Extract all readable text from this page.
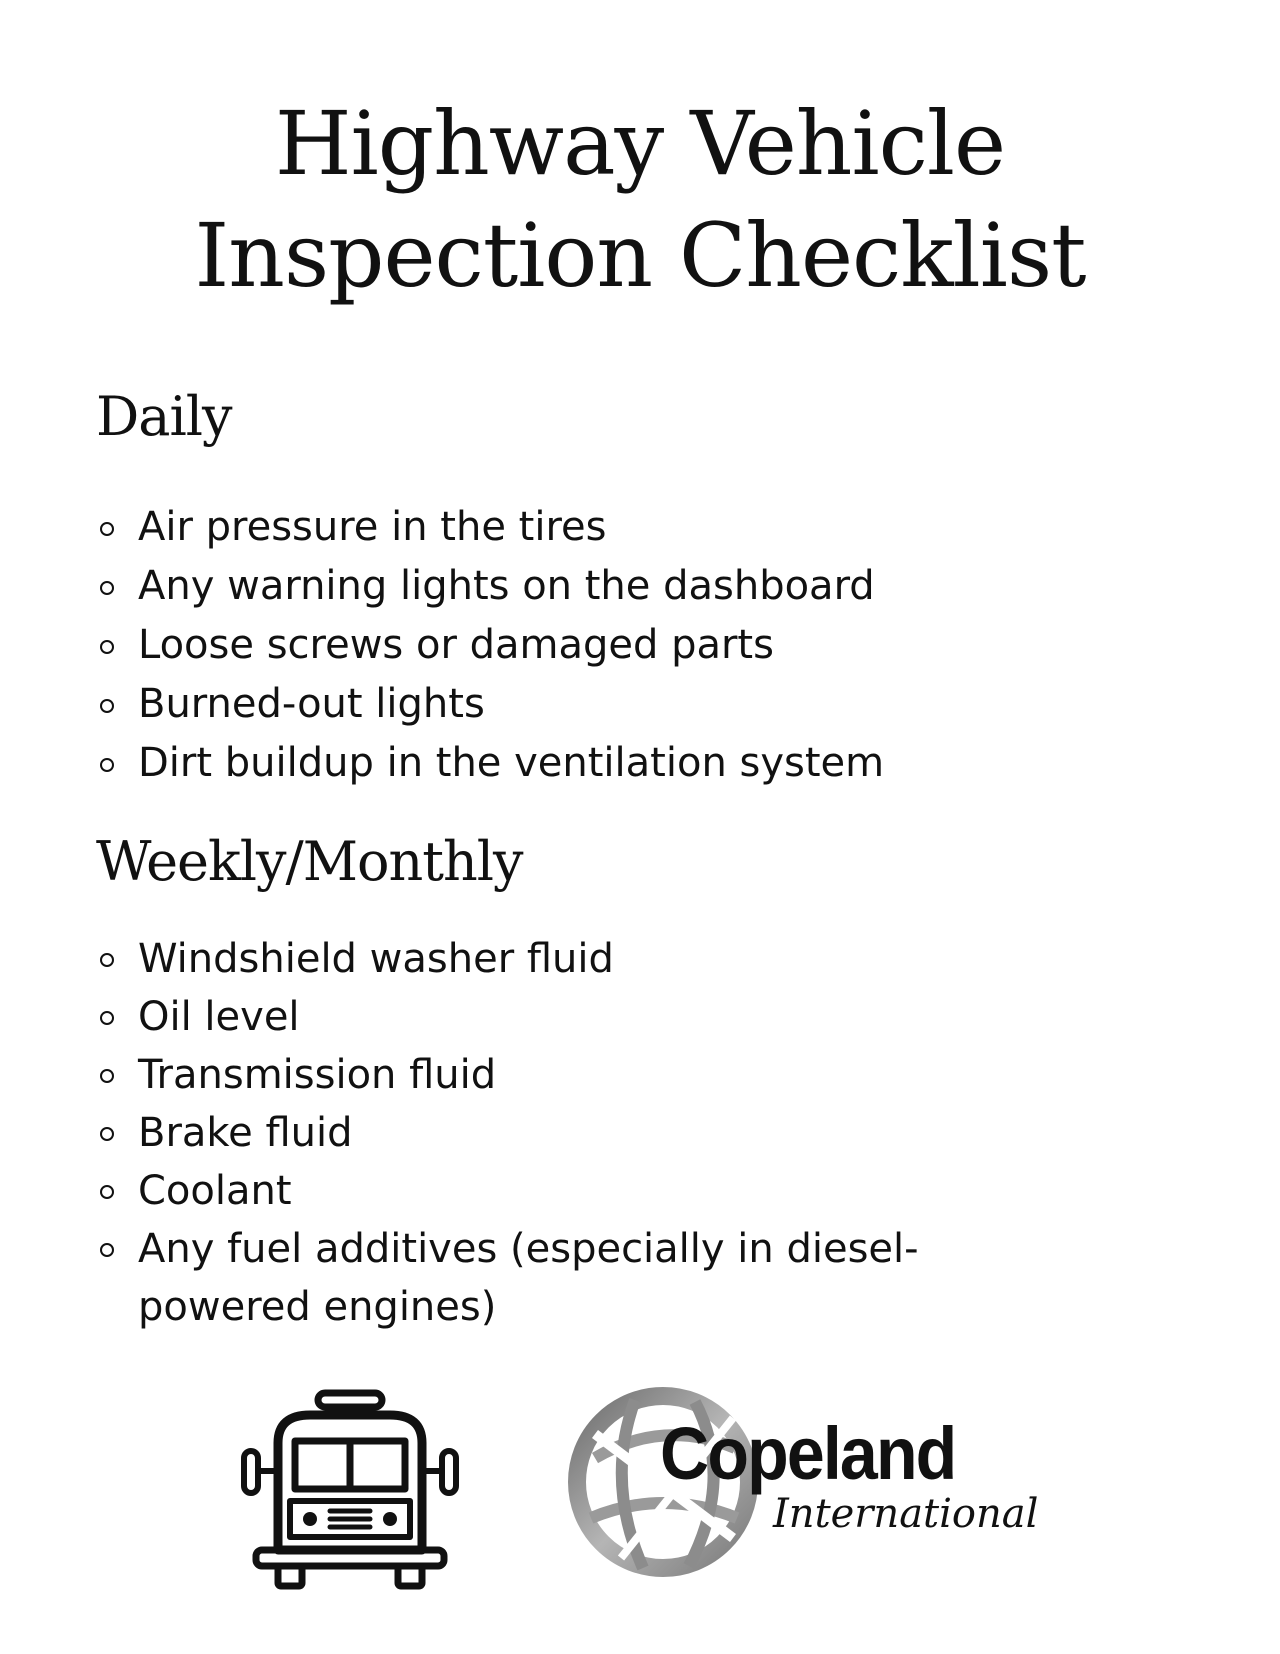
Highway Vehicle
Inspection Checklist
Daily
Air pressure in the tires
Any warning lights on the dashboard
Loose screws or damaged parts
Burned-out lights
Dirt buildup in the ventilation system
Weekly/Monthly
Windshield washer fluid
Oil level
Transmission fluid
Brake fluid
Coolant
Any fuel additives (especially in diesel-powered engines)
Copeland
International
